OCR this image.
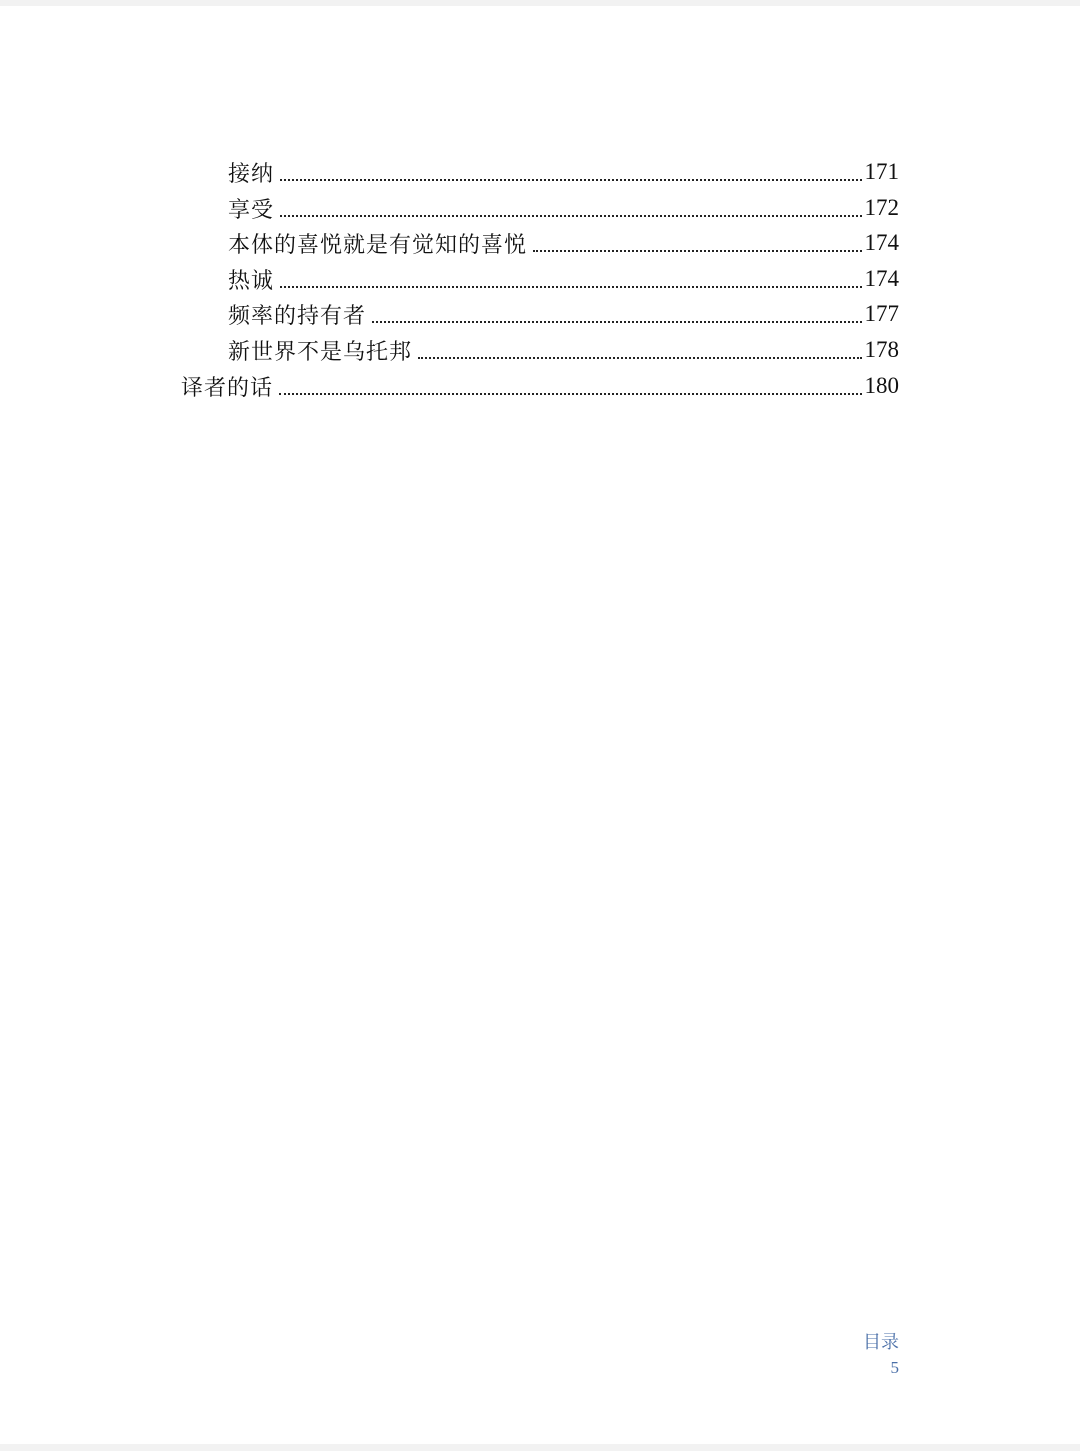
接纳	171
享受	172
本体的喜悦就是有觉知的喜悦	174
热诚	174
频率的持有者	177
新世界不是乌托邦	178
译者的话	180
目录
5
